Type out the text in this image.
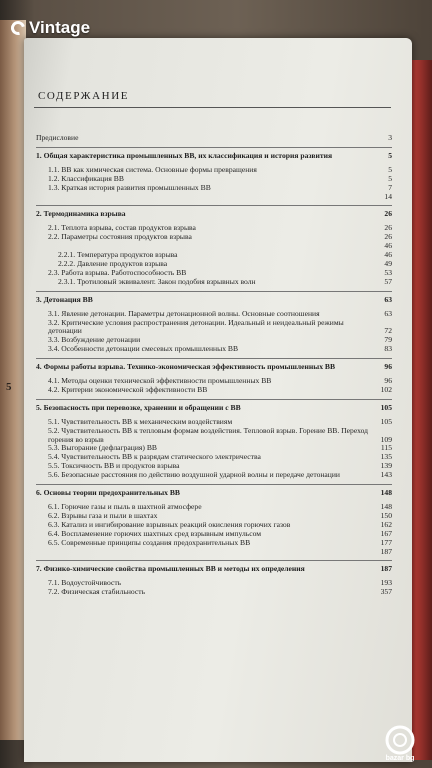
Vintage
5
СОДЕРЖАНИЕ
Предисловие	3
1. Общая характеристика промышленных ВВ, их классификация и история развития	5
1.1. ВВ как химическая система. Основные формы превращения	5
1.2. Классификация ВВ	5
1.3. Краткая история развития промышленных ВВ	7
14
2. Термодинамика взрыва	26
2.1. Теплота взрыва, состав продуктов взрыва	26
2.2. Параметры состояния продуктов взрыва	26
46
2.2.1. Температура продуктов взрыва	46
2.2.2. Давление продуктов взрыва	49
2.3. Работа взрыва. Работоспособность ВВ	53
2.3.1. Тротиловый эквивалент. Закон подобия взрывных волн	57
3. Детонация ВВ	63
3.1. Явление детонации. Параметры детонационной волны. Основные соотношения	63
3.2. Критические условия распространения детонации. Идеальный и неидеальный режимы детонации	72
3.3. Возбуждение детонации	79
3.4. Особенности детонации смесевых промышленных ВВ	83
4. Формы работы взрыва. Технико-экономическая эффективность промышленных ВВ	96
4.1. Методы оценки технической эффективности промышленных ВВ	96
4.2. Критерии экономической эффективности ВВ	102
5. Безопасность при перевозке, хранении и обращении с ВВ	105
5.1. Чувствительность ВВ к механическим воздействиям	105
5.2. Чувствительность ВВ к тепловым формам воздействия. Тепловой взрыв. Горение ВВ. Переход горения во взрыв	109
5.3. Выгорание (дефлаграция) ВВ	115
5.4. Чувствительность ВВ к разрядам статического электричества	135
5.5. Токсичность ВВ и продуктов взрыва	139
5.6. Безопасные расстояния по действию воздушной ударной волны и передаче детонации	143
6. Основы теории предохранительных ВВ	148
6.1. Горючие газы и пыль в шахтной атмосфере	148
6.2. Взрывы газа и пыли в шахтах	150
6.3. Катализ и ингибирование взрывных реакций окисления горючих газов	162
6.4. Воспламенение горючих шахтных сред взрывным импульсом	167
6.5. Современные принципы создания предохранительных ВВ	177
187
7. Физико-химические свойства промышленных ВВ и методы их определения	187
7.1. Водоустойчивость	193
7.2. Физическая стабильность	357
bazar bg
